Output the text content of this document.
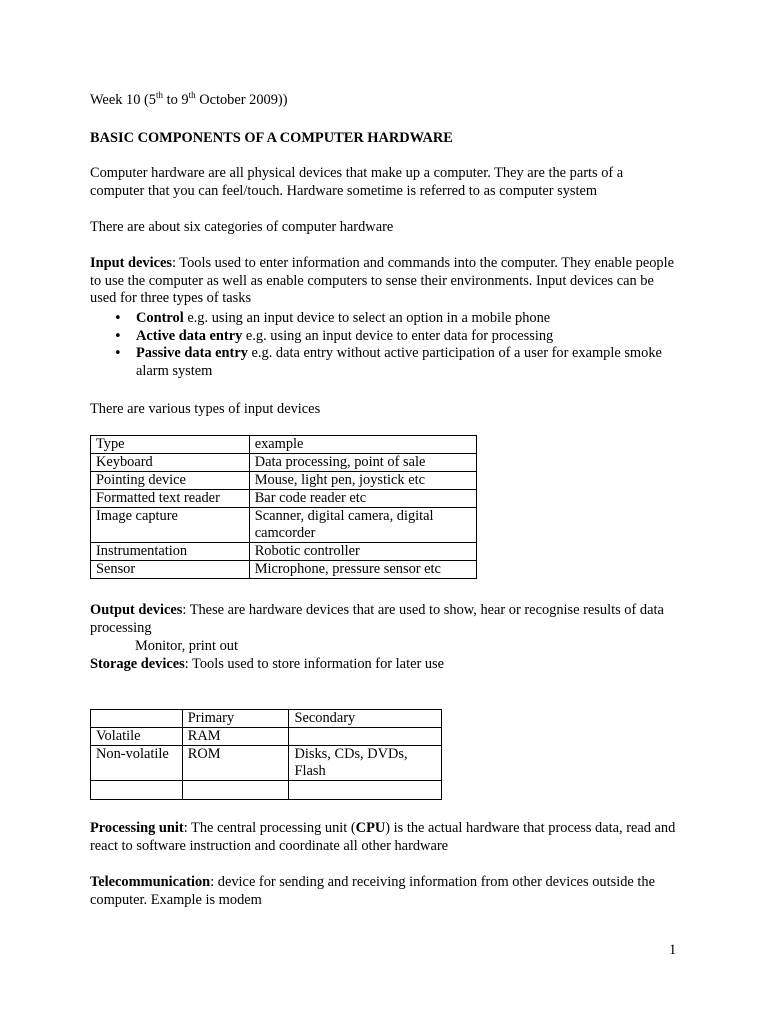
Week 10 (5th to 9th October 2009))

BASIC COMPONENTS OF A COMPUTER HARDWARE

Computer hardware are all physical devices that make up a computer. They are the parts of a computer that you can feel/touch. Hardware sometime is referred to as computer system

There are about six categories of computer hardware

Input devices: Tools used to enter information and commands into the computer. They enable people to use the computer as well as enable computers to sense their environments. Input devices can be used for three types of tasks

• Control e.g. using an input device to select an option in a mobile phone
• Active data entry e.g. using an input device to enter data for processing
• Passive data entry e.g. data entry without active participation of a user for example smoke alarm system

There are various types of input devices

Type	example
Keyboard	Data processing, point of sale
Pointing device	Mouse, light pen, joystick etc
Formatted text reader	Bar code reader etc
Image capture	Scanner, digital camera, digital camcorder
Instrumentation	Robotic controller
Sensor	Microphone, pressure sensor etc

Output devices: These are hardware devices that are used to show, hear or recognise results of data processing

Monitor, print out

Storage devices: Tools used to store information for later use

	Primary	Secondary
Volatile	RAM	
Non-volatile	ROM	Disks, CDs, DVDs, Flash

Processing unit: The central processing unit (CPU) is the actual hardware that process data, read and react to software instruction and coordinate all other hardware

Telecommunication: device for sending and receiving information from other devices outside the computer. Example is modem

1
